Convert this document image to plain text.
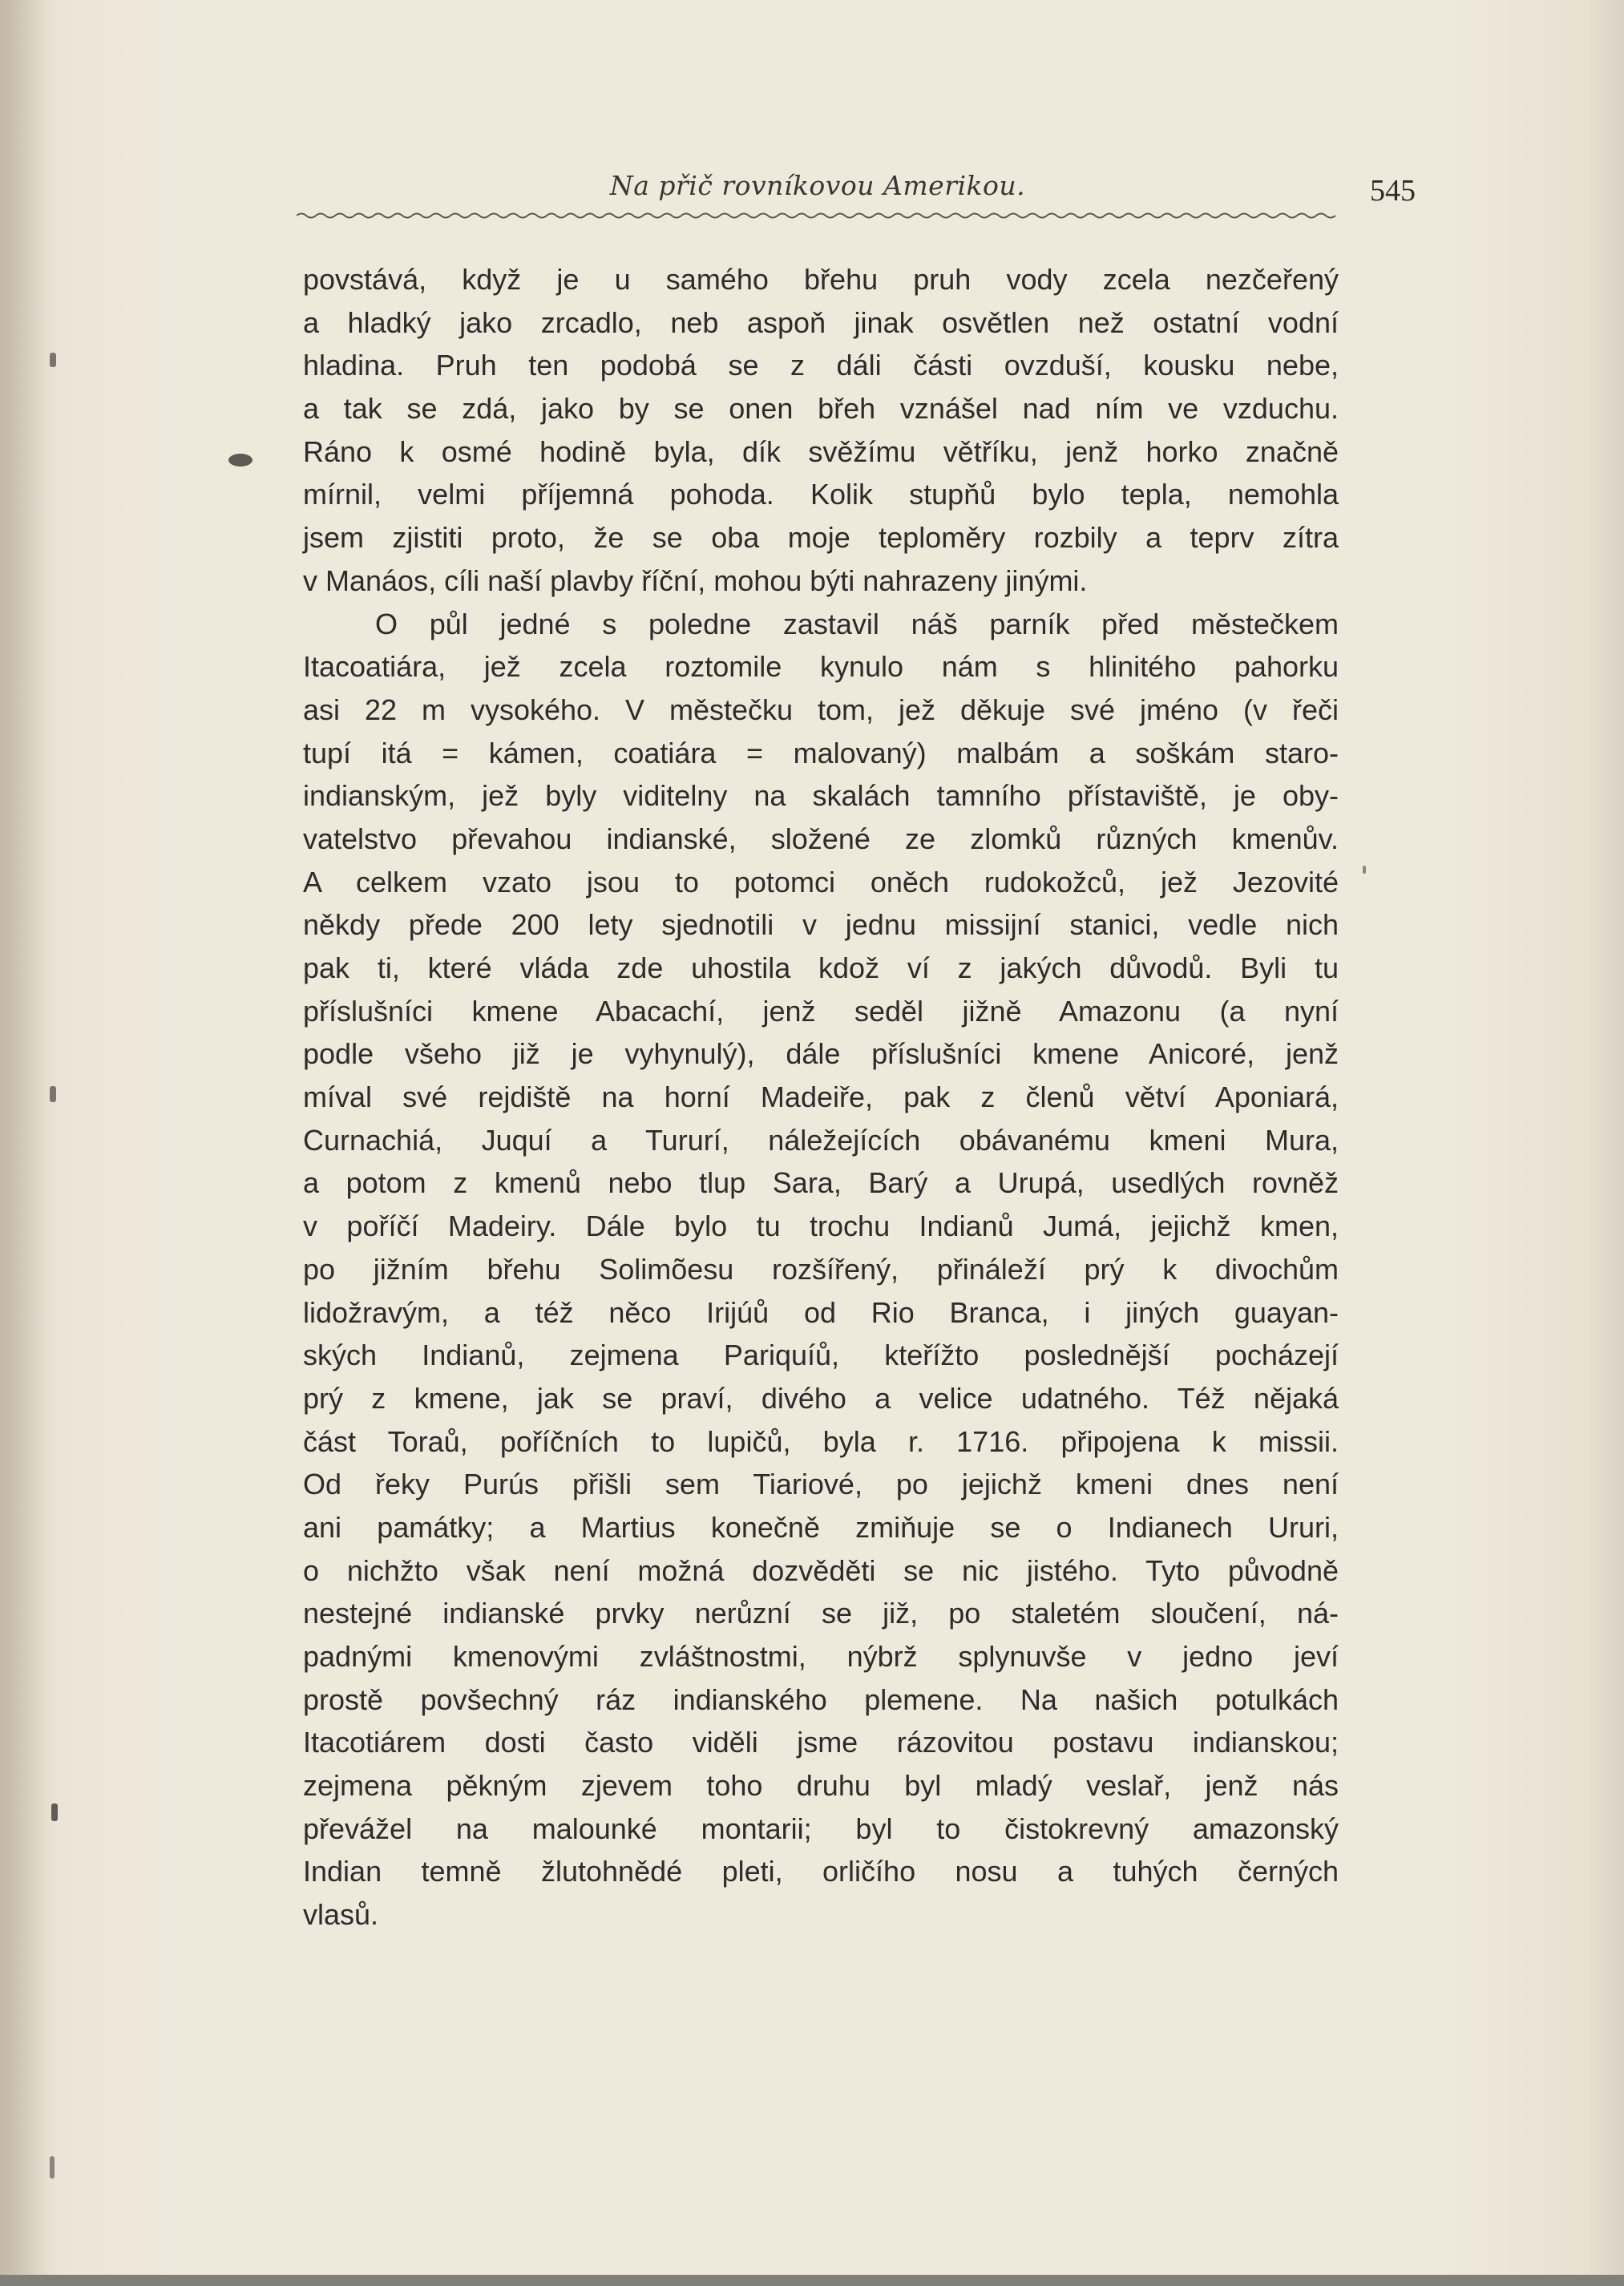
Na přič rovníkovou Amerikou.	545
povstává, když je u samého břehu pruh vody zcela nezčeřený
a hladký jako zrcadlo, neb aspoň jinak osvětlen než ostatní vodní
hladina. Pruh ten podobá se z dáli části ovzduší, kousku nebe,
a tak se zdá, jako by se onen břeh vznášel nad ním ve vzduchu.
Ráno k osmé hodině byla, dík svěžímu větříku, jenž horko značně
mírnil, velmi příjemná pohoda. Kolik stupňů bylo tepla, nemohla
jsem zjistiti proto, že se oba moje teploměry rozbily a teprv zítra
v Manáos, cíli naší plavby říční, mohou býti nahrazeny jinými.
O půl jedné s poledne zastavil náš parník před městečkem
Itacoatiára, jež zcela roztomile kynulo nám s hlinitého pahorku
asi 22 m vysokého. V městečku tom, jež děkuje své jméno (v řeči
tupí itá = kámen, coatiára = malovaný) malbám a soškám staro-
indianským, jež byly viditelny na skalách tamního přístaviště, je oby-
vatelstvo převahou indianské, složené ze zlomků různých kmenův.
A celkem vzato jsou to potomci oněch rudokožců, jež Jezovité
někdy přede 200 lety sjednotili v jednu missijní stanici, vedle nich
pak ti, které vláda zde uhostila kdož ví z jakých důvodů. Byli tu
příslušníci kmene Abacachí, jenž seděl jižně Amazonu (a nyní
podle všeho již je vyhynulý), dále příslušníci kmene Anicoré, jenž
míval své rejdiště na horní Madeiře, pak z členů větví Aponiará,
Curnachiá, Juquí a Tururí, náležejících obávanému kmeni Mura,
a potom z kmenů nebo tlup Sara, Barý a Urupá, usedlých rovněž
v poříčí Madeiry. Dále bylo tu trochu Indianů Jumá, jejichž kmen,
po jižním břehu Solimõesu rozšířený, přináleží prý k divochům
lidožravým, a též něco Irijúů od Rio Branca, i jiných guayan-
ských Indianů, zejmena Pariquíů, kteřížto poslednější pocházejí
prý z kmene, jak se praví, divého a velice udatného. Též nějaká
část Toraů, poříčních to lupičů, byla r. 1716. připojena k missii.
Od řeky Purús přišli sem Tiariové, po jejichž kmeni dnes není
ani památky; a Martius konečně zmiňuje se o Indianech Ururi,
o nichžto však není možná dozvěděti se nic jistého. Tyto původně
nestejné indianské prvky nerůzní se již, po staletém sloučení, ná-
padnými kmenovými zvláštnostmi, nýbrž splynuvše v jedno jeví
prostě povšechný ráz indianského plemene. Na našich potulkách
Itacotiárem dosti často viděli jsme rázovitou postavu indianskou;
zejmena pěkným zjevem toho druhu byl mladý veslař, jenž nás
převážel na malounké montarii; byl to čistokrevný amazonský
Indian temně žlutohnědé pleti, orličího nosu a tuhých černých
vlasů.
